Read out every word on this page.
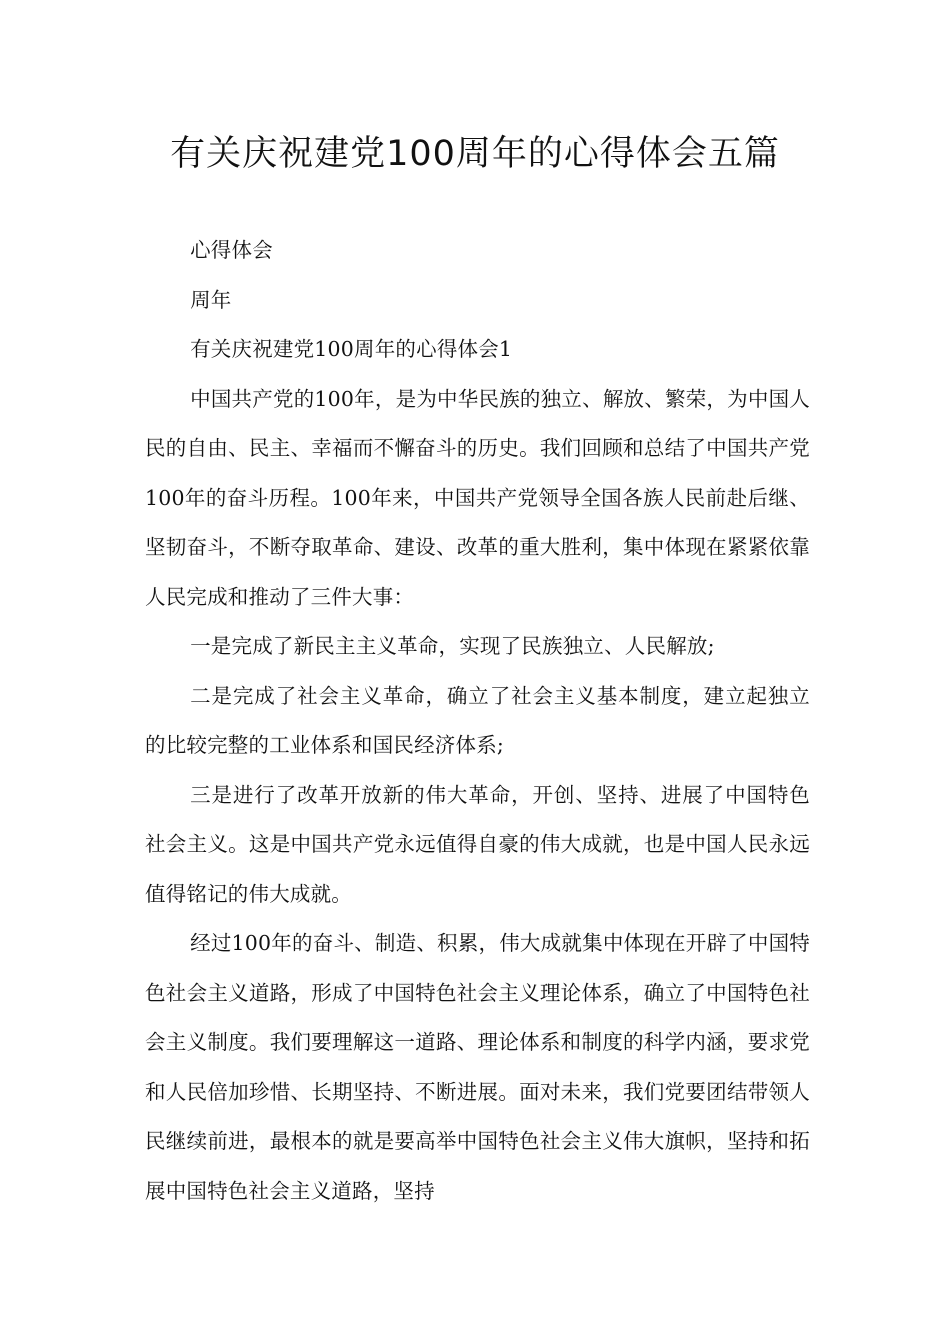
有关庆祝建党100周年的心得体会五篇

心得体会

周年

有关庆祝建党100周年的心得体会1

中国共产党的100年，是为中华民族的独立、解放、繁荣，为中国人民的自由、民主、幸福而不懈奋斗的历史。我们回顾和总结了中国共产党100年的奋斗历程。100年来，中国共产党领导全国各族人民前赴后继、坚韧奋斗，不断夺取革命、建设、改革的重大胜利，集中体现在紧紧依靠人民完成和推动了三件大事：

一是完成了新民主主义革命，实现了民族独立、人民解放;

二是完成了社会主义革命，确立了社会主义基本制度，建立起独立的比较完整的工业体系和国民经济体系;

三是进行了改革开放新的伟大革命，开创、坚持、进展了中国特色社会主义。这是中国共产党永远值得自豪的伟大成就，也是中国人民永远值得铭记的伟大成就。

经过100年的奋斗、制造、积累，伟大成就集中体现在开辟了中国特色社会主义道路，形成了中国特色社会主义理论体系，确立了中国特色社会主义制度。我们要理解这一道路、理论体系和制度的科学内涵，要求党和人民倍加珍惜、长期坚持、不断进展。面对未来，我们党要团结带领人民继续前进，最根本的就是要高举中国特色社会主义伟大旗帜，坚持和拓展中国特色社会主义道路，坚持
